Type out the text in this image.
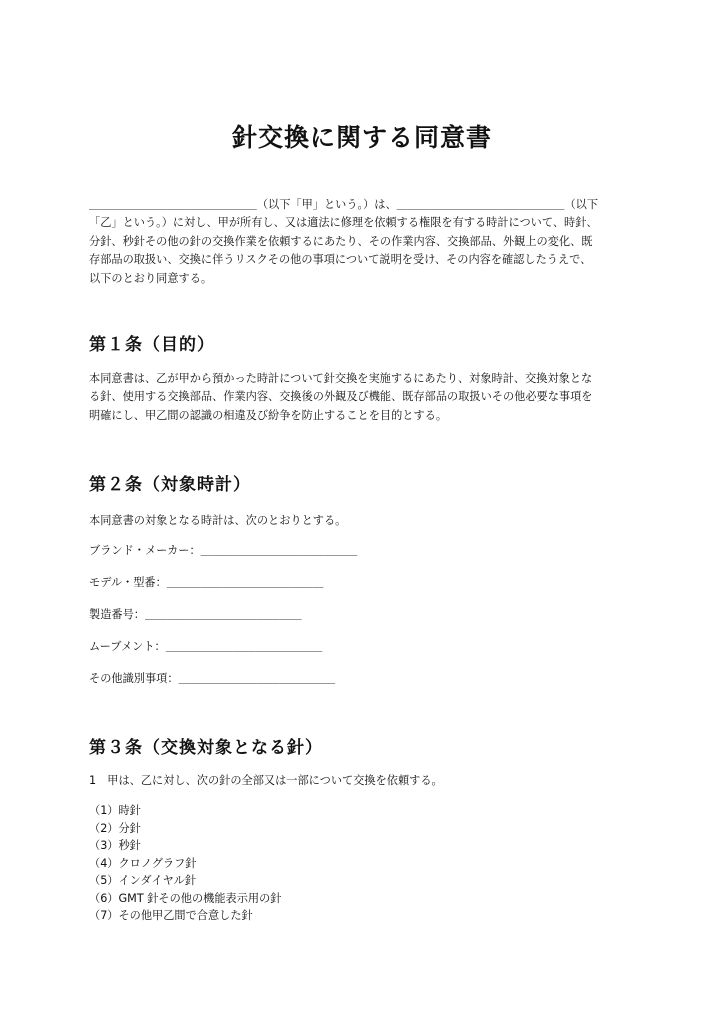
針交換に関する同意書
＿＿＿＿＿＿＿＿＿＿＿＿＿＿＿（以下「甲」という。）は、＿＿＿＿＿＿＿＿＿＿＿＿＿＿＿（以下
「乙」という。）に対し、甲が所有し、又は適法に修理を依頼する権限を有する時計について、時針、
分針、秒針その他の針の交換作業を依頼するにあたり、その作業内容、交換部品、外観上の変化、既
存部品の取扱い、交換に伴うリスクその他の事項について説明を受け、その内容を確認したうえで、
以下のとおり同意する。
第１条（目的）
本同意書は、乙が甲から預かった時計について針交換を実施するにあたり、対象時計、交換対象とな
る針、使用する交換部品、作業内容、交換後の外観及び機能、既存部品の取扱いその他必要な事項を
明確にし、甲乙間の認識の相違及び紛争を防止することを目的とする。
第２条（対象時計）
本同意書の対象となる時計は、次のとおりとする。
ブランド・メーカー：＿＿＿＿＿＿＿＿＿＿＿＿＿＿
モデル・型番：＿＿＿＿＿＿＿＿＿＿＿＿＿＿
製造番号：＿＿＿＿＿＿＿＿＿＿＿＿＿＿
ムーブメント：＿＿＿＿＿＿＿＿＿＿＿＿＿＿
その他識別事項：＿＿＿＿＿＿＿＿＿＿＿＿＿＿
第３条（交換対象となる針）
1　甲は、乙に対し、次の針の全部又は一部について交換を依頼する。
（1）時針
（2）分針
（3）秒針
（4）クロノグラフ針
（5）インダイヤル針
（6）GMT 針その他の機能表示用の針
（7）その他甲乙間で合意した針
